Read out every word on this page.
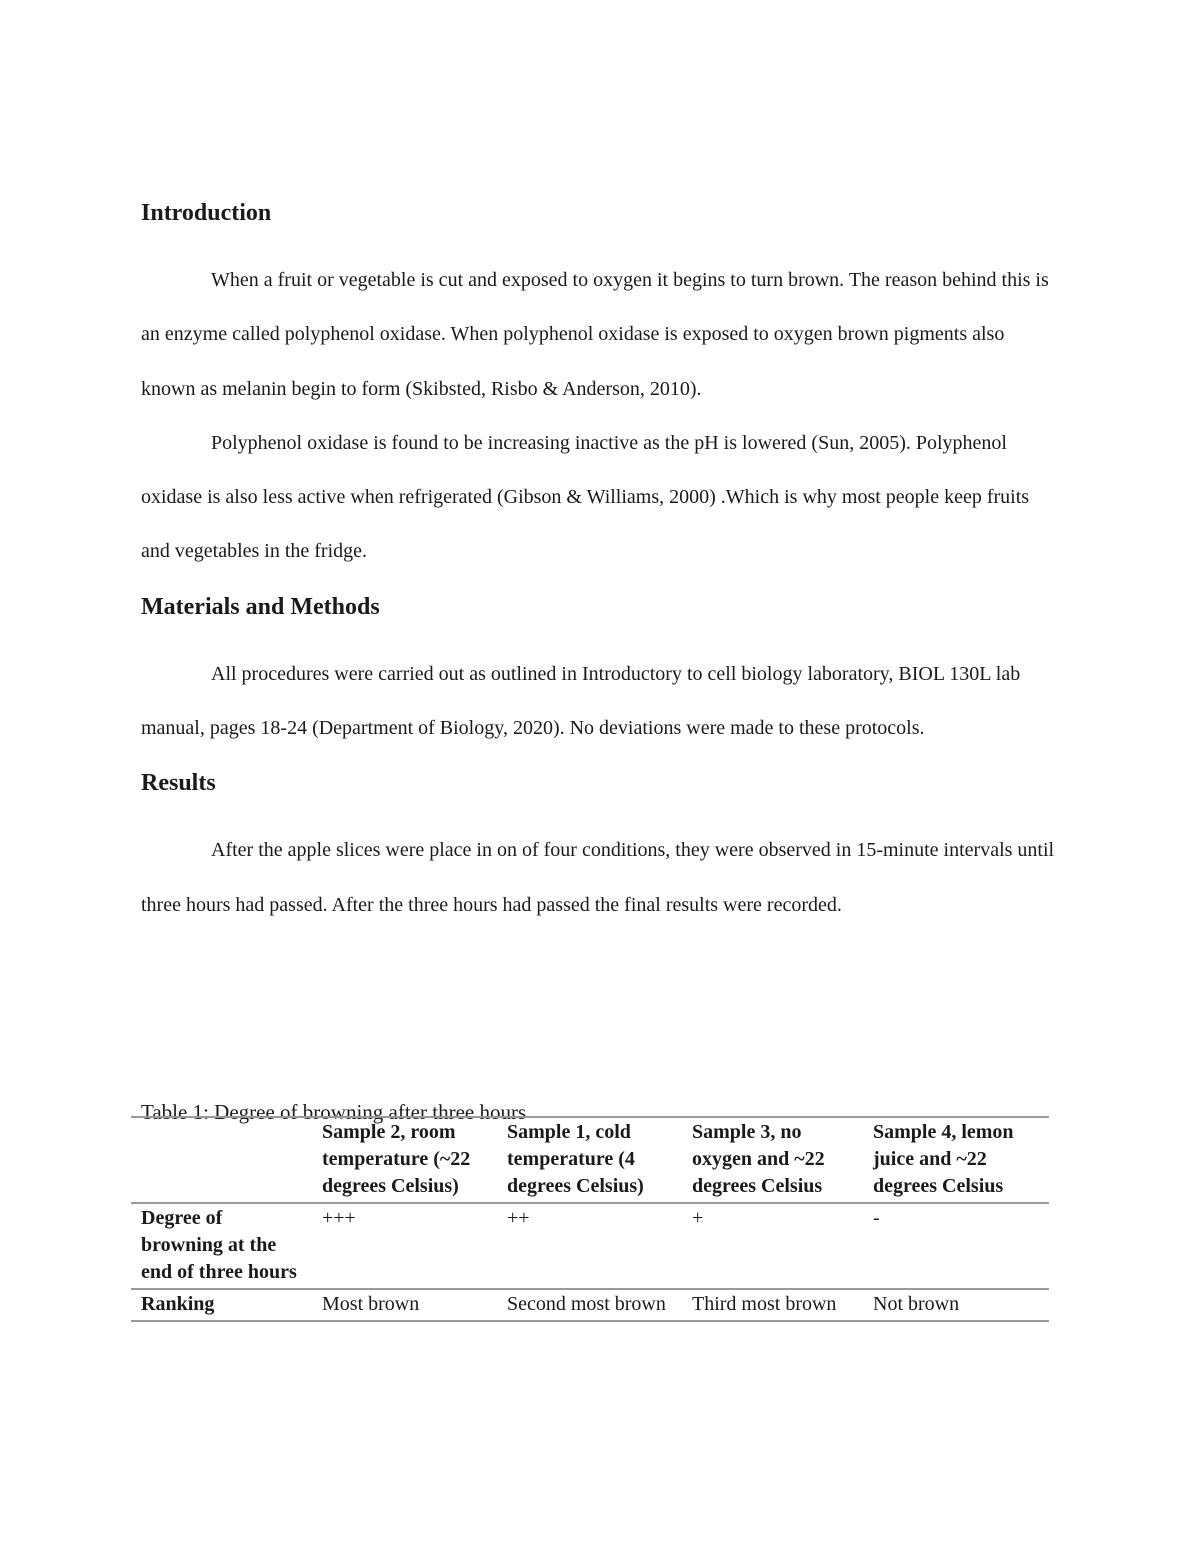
Introduction

When a fruit or vegetable is cut and exposed to oxygen it begins to turn brown. The reason behind this is an enzyme called polyphenol oxidase. When polyphenol oxidase is exposed to oxygen brown pigments also known as melanin begin to form (Skibsted, Risbo & Anderson, 2010).

Polyphenol oxidase is found to be increasing inactive as the pH is lowered (Sun, 2005). Polyphenol oxidase is also less active when refrigerated (Gibson & Williams, 2000) .Which is why most people keep fruits and vegetables in the fridge.

Materials and Methods

All procedures were carried out as outlined in Introductory to cell biology laboratory, BIOL 130L lab manual, pages 18-24 (Department of Biology, 2020). No deviations were made to these protocols.

Results

After the apple slices were place in on of four conditions, they were observed in 15-minute intervals until three hours had passed. After the three hours had passed the final results were recorded.

Table 1: Degree of browning after three hours

	Sample 2, room temperature (~22 degrees Celsius)	Sample 1, cold temperature (4 degrees Celsius)	Sample 3, no oxygen and ~22 degrees Celsius	Sample 4, lemon juice and ~22 degrees Celsius
Degree of browning at the end of three hours	+++	++	+	-
Ranking	Most brown	Second most brown	Third most brown	Not brown
